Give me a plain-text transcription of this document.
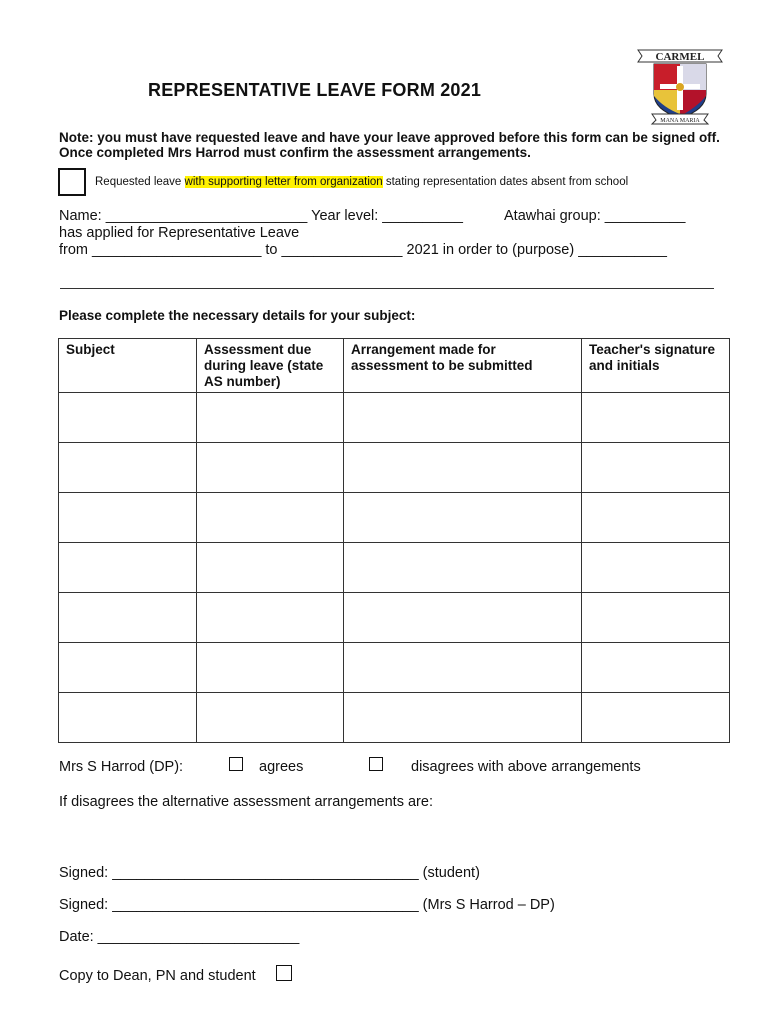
REPRESENTATIVE LEAVE FORM 2021
CARMEL
MANA MARIA
Note: you must have requested leave and have your leave approved before this form can be signed off. Once completed Mrs Harrod must confirm the assessment arrangements.
Requested leave with supporting letter from organization stating representation dates absent from school
Name: _________________________ Year level: __________	Atawhai group: __________
has applied for Representative Leave
from _____________________ to _______________ 2021 in order to (purpose) ___________
Please complete the necessary details for your subject:
Subject	Assessment due during leave (state AS number)	Arrangement made for assessment to be submitted	Teacher's signature and initials

Mrs S Harrod (DP):	agrees	disagrees with above arrangements
If disagrees the alternative assessment arrangements are:
Signed: ______________________________________ (student)
Signed: ______________________________________ (Mrs S Harrod – DP)
Date: _________________________
Copy to Dean, PN and student
